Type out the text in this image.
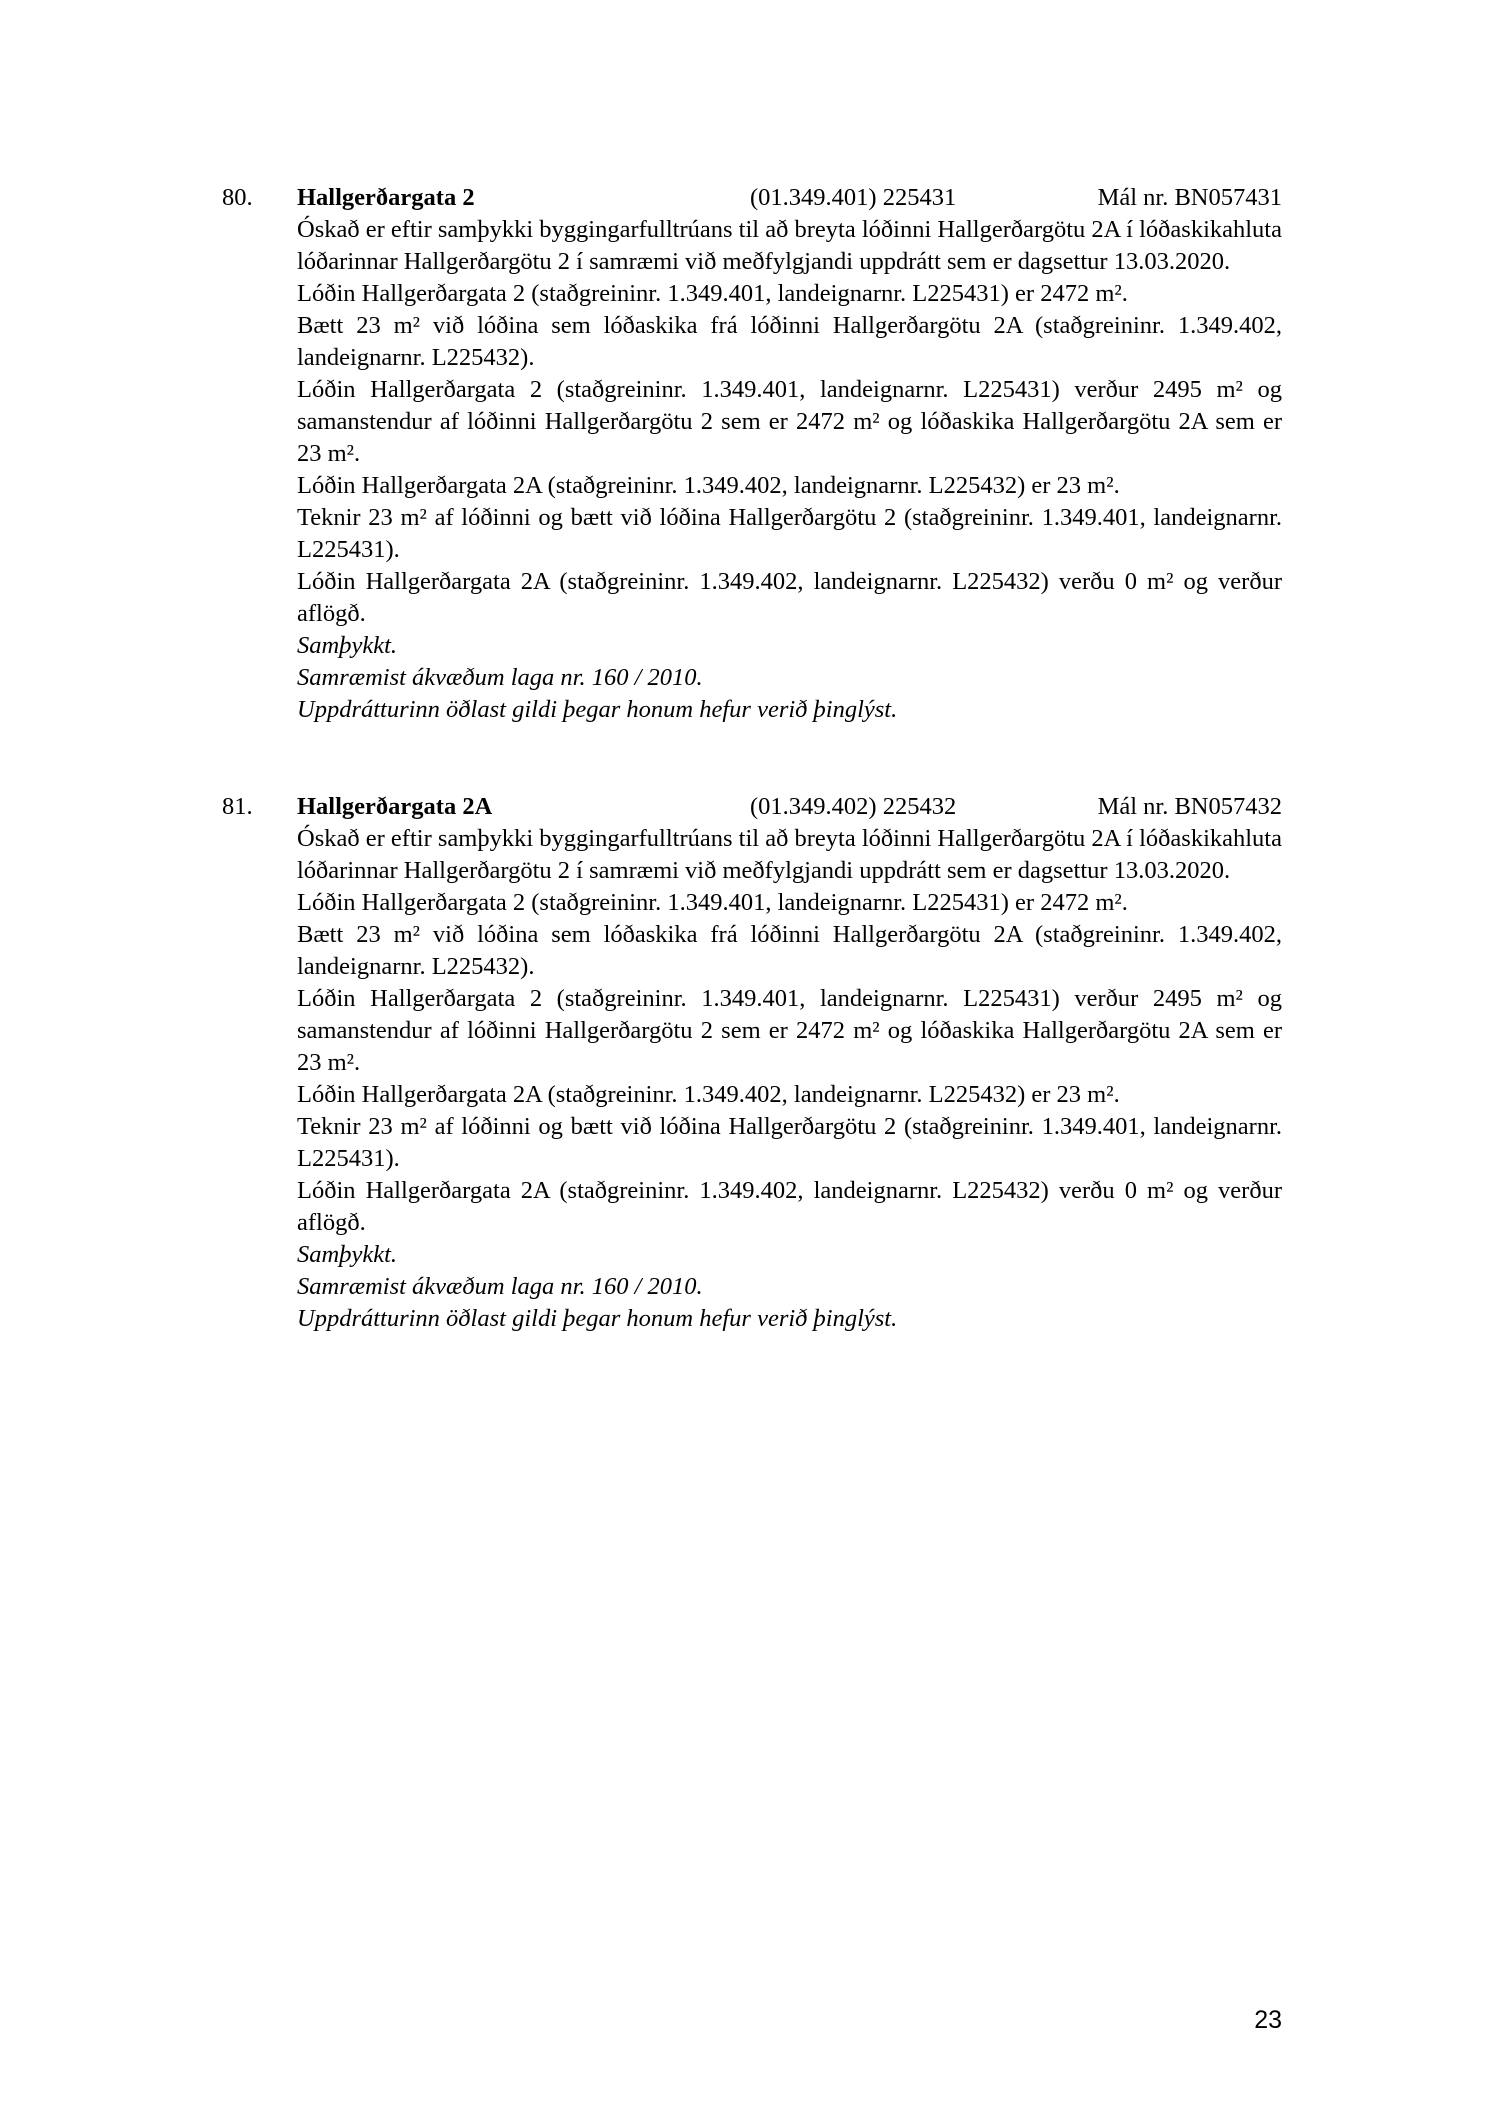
80. Hallgerðargata 2	(01.349.401) 225431	Mál nr. BN057431

Óskað er eftir samþykki byggingarfulltrúans til að breyta lóðinni Hallgerðargötu 2A í lóðaskikahluta lóðarinnar Hallgerðargötu 2 í samræmi við meðfylgjandi uppdrátt sem er dagsettur 13.03.2020.

Lóðin Hallgerðargata 2 (staðgreininr. 1.349.401, landeignarnr. L225431) er 2472 m².

Bætt 23 m² við lóðina sem lóðaskika frá lóðinni Hallgerðargötu 2A (staðgreininr. 1.349.402, landeignarnr. L225432).

Lóðin Hallgerðargata 2 (staðgreininr. 1.349.401, landeignarnr. L225431) verður 2495 m² og samanstendur af lóðinni Hallgerðargötu 2 sem er 2472 m² og lóðaskika Hallgerðargötu 2A sem er 23 m².

Lóðin Hallgerðargata 2A (staðgreininr. 1.349.402, landeignarnr. L225432) er 23 m².

Teknir 23 m² af lóðinni og bætt við lóðina Hallgerðargötu 2 (staðgreininr. 1.349.401, landeignarnr. L225431).

Lóðin Hallgerðargata 2A (staðgreininr. 1.349.402, landeignarnr. L225432) verðu 0 m² og verður aflögð.

Samþykkt.

Samræmist ákvæðum laga nr. 160 / 2010.

Uppdrátturinn öðlast gildi þegar honum hefur verið þinglýst.

81. Hallgerðargata 2A	(01.349.402) 225432	Mál nr. BN057432

Óskað er eftir samþykki byggingarfulltrúans til að breyta lóðinni Hallgerðargötu 2A í lóðaskikahluta lóðarinnar Hallgerðargötu 2 í samræmi við meðfylgjandi uppdrátt sem er dagsettur 13.03.2020.

Lóðin Hallgerðargata 2 (staðgreininr. 1.349.401, landeignarnr. L225431) er 2472 m².

Bætt 23 m² við lóðina sem lóðaskika frá lóðinni Hallgerðargötu 2A (staðgreininr. 1.349.402, landeignarnr. L225432).

Lóðin Hallgerðargata 2 (staðgreininr. 1.349.401, landeignarnr. L225431) verður 2495 m² og samanstendur af lóðinni Hallgerðargötu 2 sem er 2472 m² og lóðaskika Hallgerðargötu 2A sem er 23 m².

Lóðin Hallgerðargata 2A (staðgreininr. 1.349.402, landeignarnr. L225432) er 23 m².

Teknir 23 m² af lóðinni og bætt við lóðina Hallgerðargötu 2 (staðgreininr. 1.349.401, landeignarnr. L225431).

Lóðin Hallgerðargata 2A (staðgreininr. 1.349.402, landeignarnr. L225432) verðu 0 m² og verður aflögð.

Samþykkt.

Samræmist ákvæðum laga nr. 160 / 2010.

Uppdrátturinn öðlast gildi þegar honum hefur verið þinglýst.

23
